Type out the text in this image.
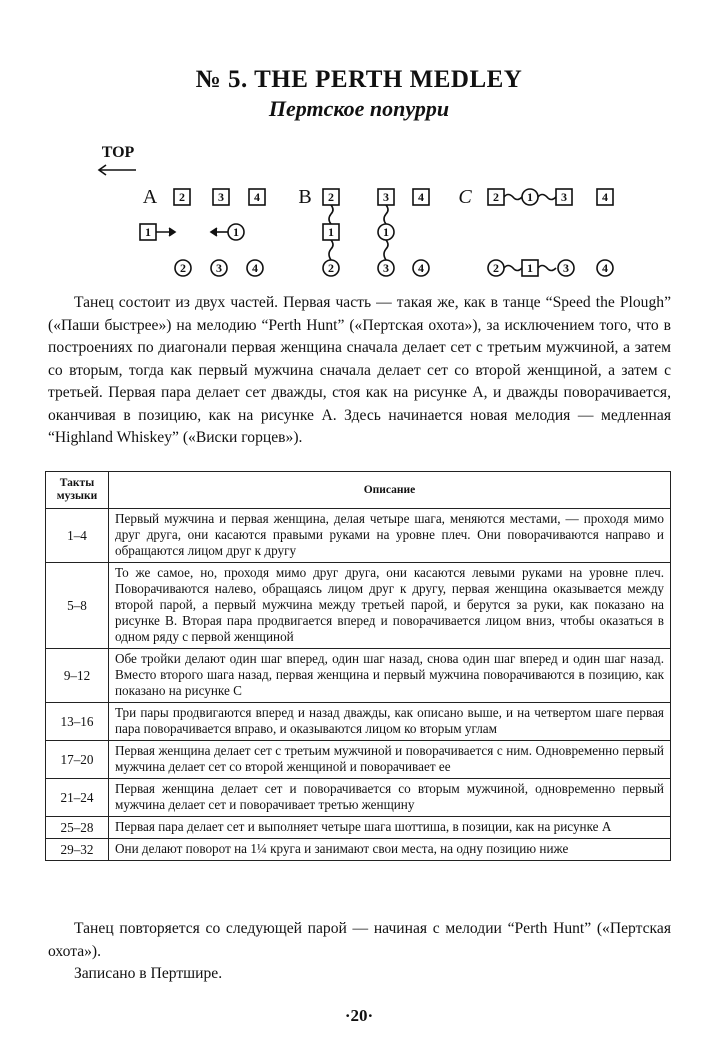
№ 5. THE PERTH MEDLEY
Пертское попурри
TOP
A	B	C
2	3	4
1	1
2	3	4
2
1
2
3
1
3
4
4
2 1 3	4
2 1	3	4

Танец состоит из двух частей. Первая часть — такая же, как в танце “Speed the Plough” («Паши быстрее») на мелодию “Perth Hunt” («Пертская охота»), за исключением того, что в построениях по диагонали первая женщина сначала делает сет с третьим мужчиной, а затем со вторым, тогда как первый мужчина сначала делает сет со второй женщиной, а затем с третьей. Первая пара делает сет дважды, стоя как на рисунке А, и дважды поворачивается, оканчивая в позицию, как на рисунке А. Здесь начинается новая мелодия — медленная “Highland Whiskey” («Виски горцев»).

Такты музыки	Описание
1–4	Первый мужчина и первая женщина, делая четыре шага, меняются местами, — проходя мимо друг друга, они касаются правыми руками на уровне плеч. Они поворачиваются направо и обращаются лицом друг к другу
5–8	То же самое, но, проходя мимо друг друга, они касаются левыми руками на уровне плеч. Поворачиваются налево, обращаясь лицом друг к другу, первая женщина оказывается между второй парой, а первый мужчина между третьей парой, и берутся за руки, как показано на рисунке В. Вторая пара продвигается вперед и поворачивается лицом вниз, чтобы оказаться в одном ряду с первой женщиной
9–12	Обе тройки делают один шаг вперед, один шаг назад, снова один шаг вперед и один шаг назад. Вместо второго шага назад, первая женщина и первый мужчина поворачиваются в позицию, как показано на рисунке С
13–16	Три пары продвигаются вперед и назад дважды, как описано выше, и на четвертом шаге первая пара поворачивается вправо, и оказываются лицом ко вторым углам
17–20	Первая женщина делает сет с третьим мужчиной и поворачивается с ним. Одновременно первый мужчина делает сет со второй женщиной и поворачивает ее
21–24	Первая женщина делает сет и поворачивается со вторым мужчиной, одновременно первый мужчина делает сет и поворачивает третью женщину
25–28	Первая пара делает сет и выполняет четыре шага шоттиша, в позиции, как на рисунке А
29–32	Они делают поворот на 1¼ круга и занимают свои места, на одну позицию ниже

Танец повторяется со следующей парой — начиная с мелодии “Perth Hunt” («Пертская охота»).

Записано в Пертшире.

·20·
